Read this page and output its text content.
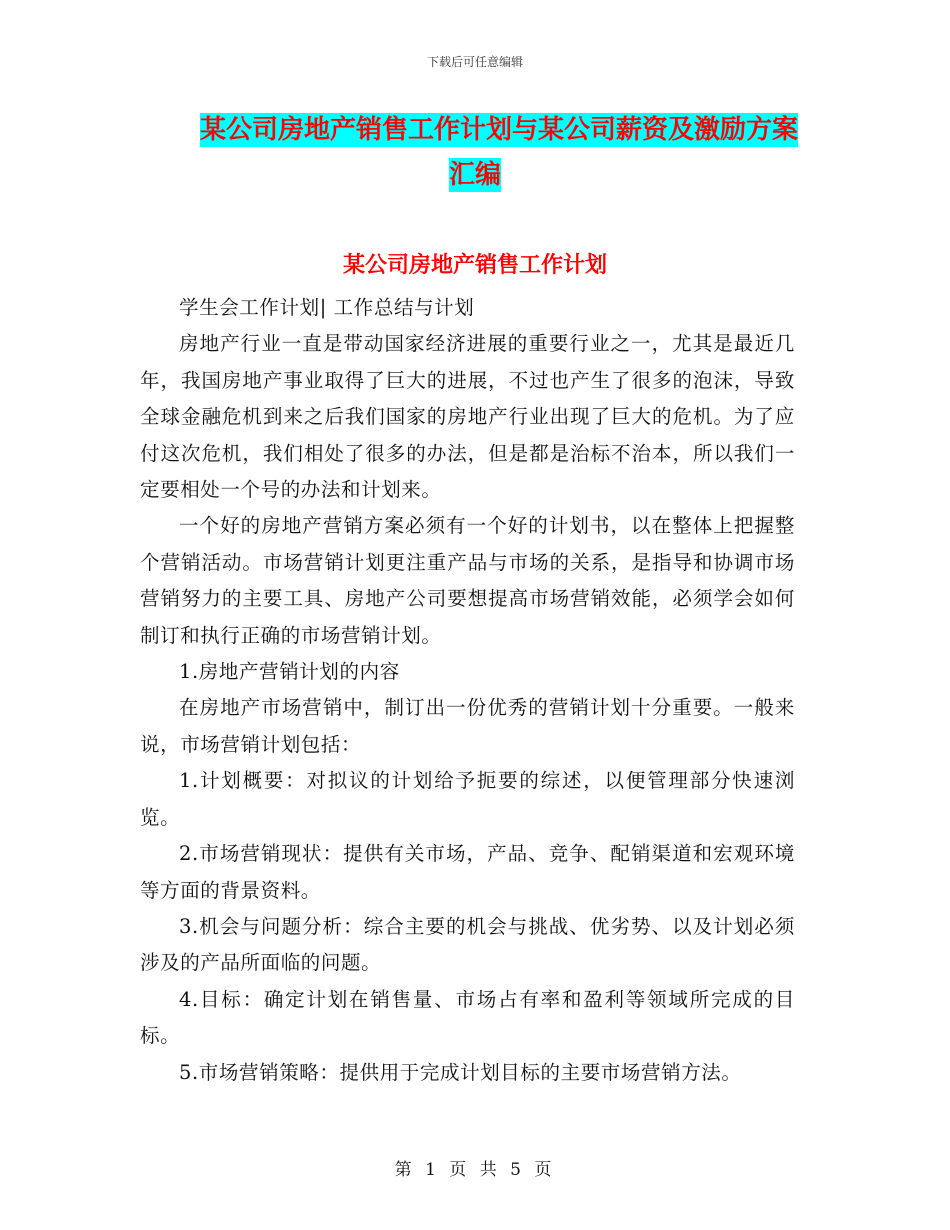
下载后可任意编辑
某公司房地产销售工作计划与某公司薪资及激励方案
汇编
某公司房地产销售工作计划

学生会工作计划| 工作总结与计划

房地产行业一直是带动国家经济进展的重要行业之一，尤其是最近几年，我国房地产事业取得了巨大的进展，不过也产生了很多的泡沫，导致全球金融危机到来之后我们国家的房地产行业出现了巨大的危机。为了应付这次危机，我们相处了很多的办法，但是都是治标不治本，所以我们一定要相处一个号的办法和计划来。

一个好的房地产营销方案必须有一个好的计划书，以在整体上把握整个营销活动。市场营销计划更注重产品与市场的关系，是指导和协调市场营销努力的主要工具、房地产公司要想提高市场营销效能，必须学会如何制订和执行正确的市场营销计划。

1.房地产营销计划的内容

在房地产市场营销中，制订出一份优秀的营销计划十分重要。一般来说，市场营销计划包括：

1.计划概要：对拟议的计划给予扼要的综述，以便管理部分快速浏览。

2.市场营销现状：提供有关市场，产品、竞争、配销渠道和宏观环境等方面的背景资料。

3.机会与问题分析：综合主要的机会与挑战、优劣势、以及计划必须涉及的产品所面临的问题。

4.目标：确定计划在销售量、市场占有率和盈利等领域所完成的目标。

5.市场营销策略：提供用于完成计划目标的主要市场营销方法。

第 1 页 共 5 页
